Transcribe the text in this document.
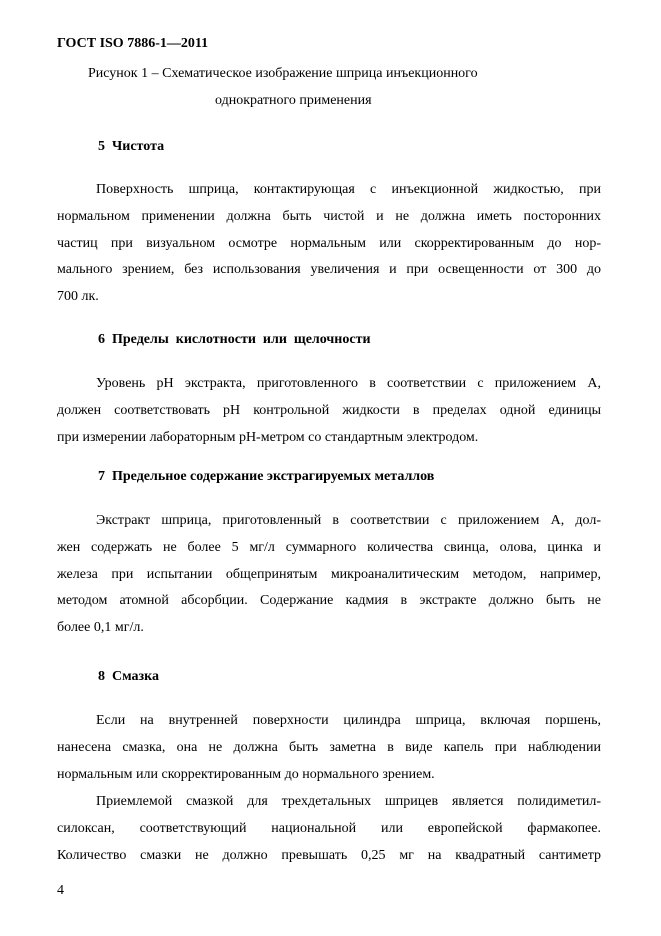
ГОСТ ISO 7886-1—2011
Рисунок 1 – Схематическое изображение шприца инъекционного
однократного применения
5  Чистота
Поверхность шприца, контактирующая с инъекционной жидкостью, при
нормальном применении должна быть чистой и не должна иметь посторонних
частиц при визуальном осмотре нормальным или скорректированным до нор-
мального зрением, без использования увеличения и при освещенности от 300 до
700 лк.
6  Пределы  кислотности  или  щелочности
Уровень рН экстракта, приготовленного в соответствии с приложением А,
должен соответствовать рН контрольной жидкости в пределах одной единицы
при измерении лабораторным рН-метром со стандартным электродом.
7  Предельное содержание экстрагируемых металлов
Экстракт шприца, приготовленный в соответствии с приложением А, дол-
жен содержать не более 5 мг/л суммарного количества свинца, олова, цинка и
железа при испытании общепринятым микроаналитическим методом, например,
методом атомной абсорбции. Содержание кадмия в экстракте должно быть не
более 0,1 мг/л.
8  Смазка
Если на внутренней поверхности цилиндра шприца, включая поршень,
нанесена смазка, она не должна быть заметна в виде капель при наблюдении
нормальным или скорректированным до нормального зрением.
Приемлемой смазкой для трехдетальных шприцев является полидиметил-
силоксан, соответствующий национальной или европейской фармакопее.
Количество смазки не должно превышать 0,25 мг на квадратный сантиметр
4
